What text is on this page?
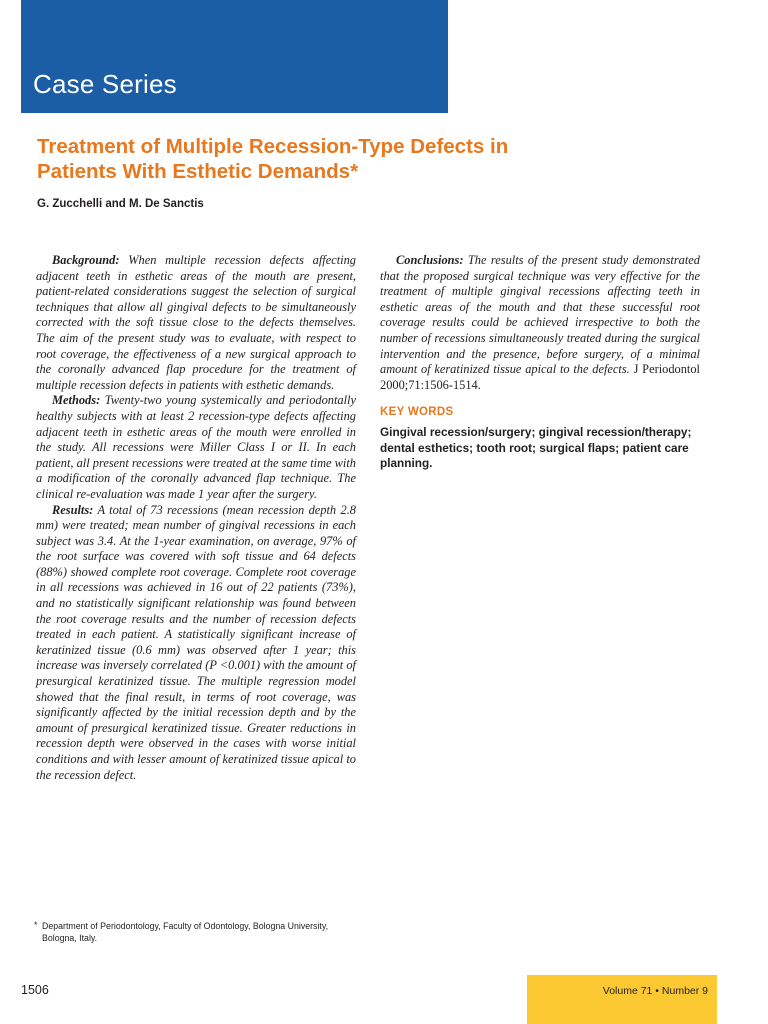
Case Series
Treatment of Multiple Recession-Type Defects in
Patients With Esthetic Demands*
G. Zucchelli and M. De Sanctis

Background: When multiple recession defects affecting adjacent teeth in esthetic areas of the mouth are present, patient-related considerations suggest the selection of surgical techniques that allow all gingival defects to be simultaneously corrected with the soft tissue close to the defects themselves. The aim of the present study was to evaluate, with respect to root coverage, the effectiveness of a new surgical approach to the coronally advanced flap procedure for the treatment of multiple recession defects in patients with esthetic demands.

Methods: Twenty-two young systemically and periodontally healthy subjects with at least 2 recession-type defects affecting adjacent teeth in esthetic areas of the mouth were enrolled in the study. All recessions were Miller Class I or II. In each patient, all present recessions were treated at the same time with a modification of the coronally advanced flap technique. The clinical re-evaluation was made 1 year after the surgery.

Results: A total of 73 recessions (mean recession depth 2.8 mm) were treated; mean number of gingival recessions in each subject was 3.4. At the 1-year examination, on average, 97% of the root surface was covered with soft tissue and 64 defects (88%) showed complete root coverage. Complete root coverage in all recessions was achieved in 16 out of 22 patients (73%), and no statistically significant relationship was found between the root coverage results and the number of recession defects treated in each patient. A statistically significant increase of keratinized tissue (0.6 mm) was observed after 1 year; this increase was inversely correlated (P <0.001) with the amount of presurgical keratinized tissue. The multiple regression model showed that the final result, in terms of root coverage, was significantly affected by the initial recession depth and by the amount of presurgical keratinized tissue. Greater reductions in recession depth were observed in the cases with worse initial conditions and with lesser amount of keratinized tissue apical to the recession defect.

Conclusions: The results of the present study demonstrated that the proposed surgical technique was very effective for the treatment of multiple gingival recessions affecting teeth in esthetic areas of the mouth and that these successful root coverage results could be achieved irrespective to both the number of recessions simultaneously treated during the surgical intervention and the presence, before surgery, of a minimal amount of keratinized tissue apical to the defects. J Periodontol 2000;71:1506-1514.

KEY WORDS

Gingival recession/surgery; gingival recession/therapy; dental esthetics; tooth root; surgical flaps; patient care planning.

* Department of Periodontology, Faculty of Odontology, Bologna University, Bologna, Italy.
1506	Volume 71 • Number 9
